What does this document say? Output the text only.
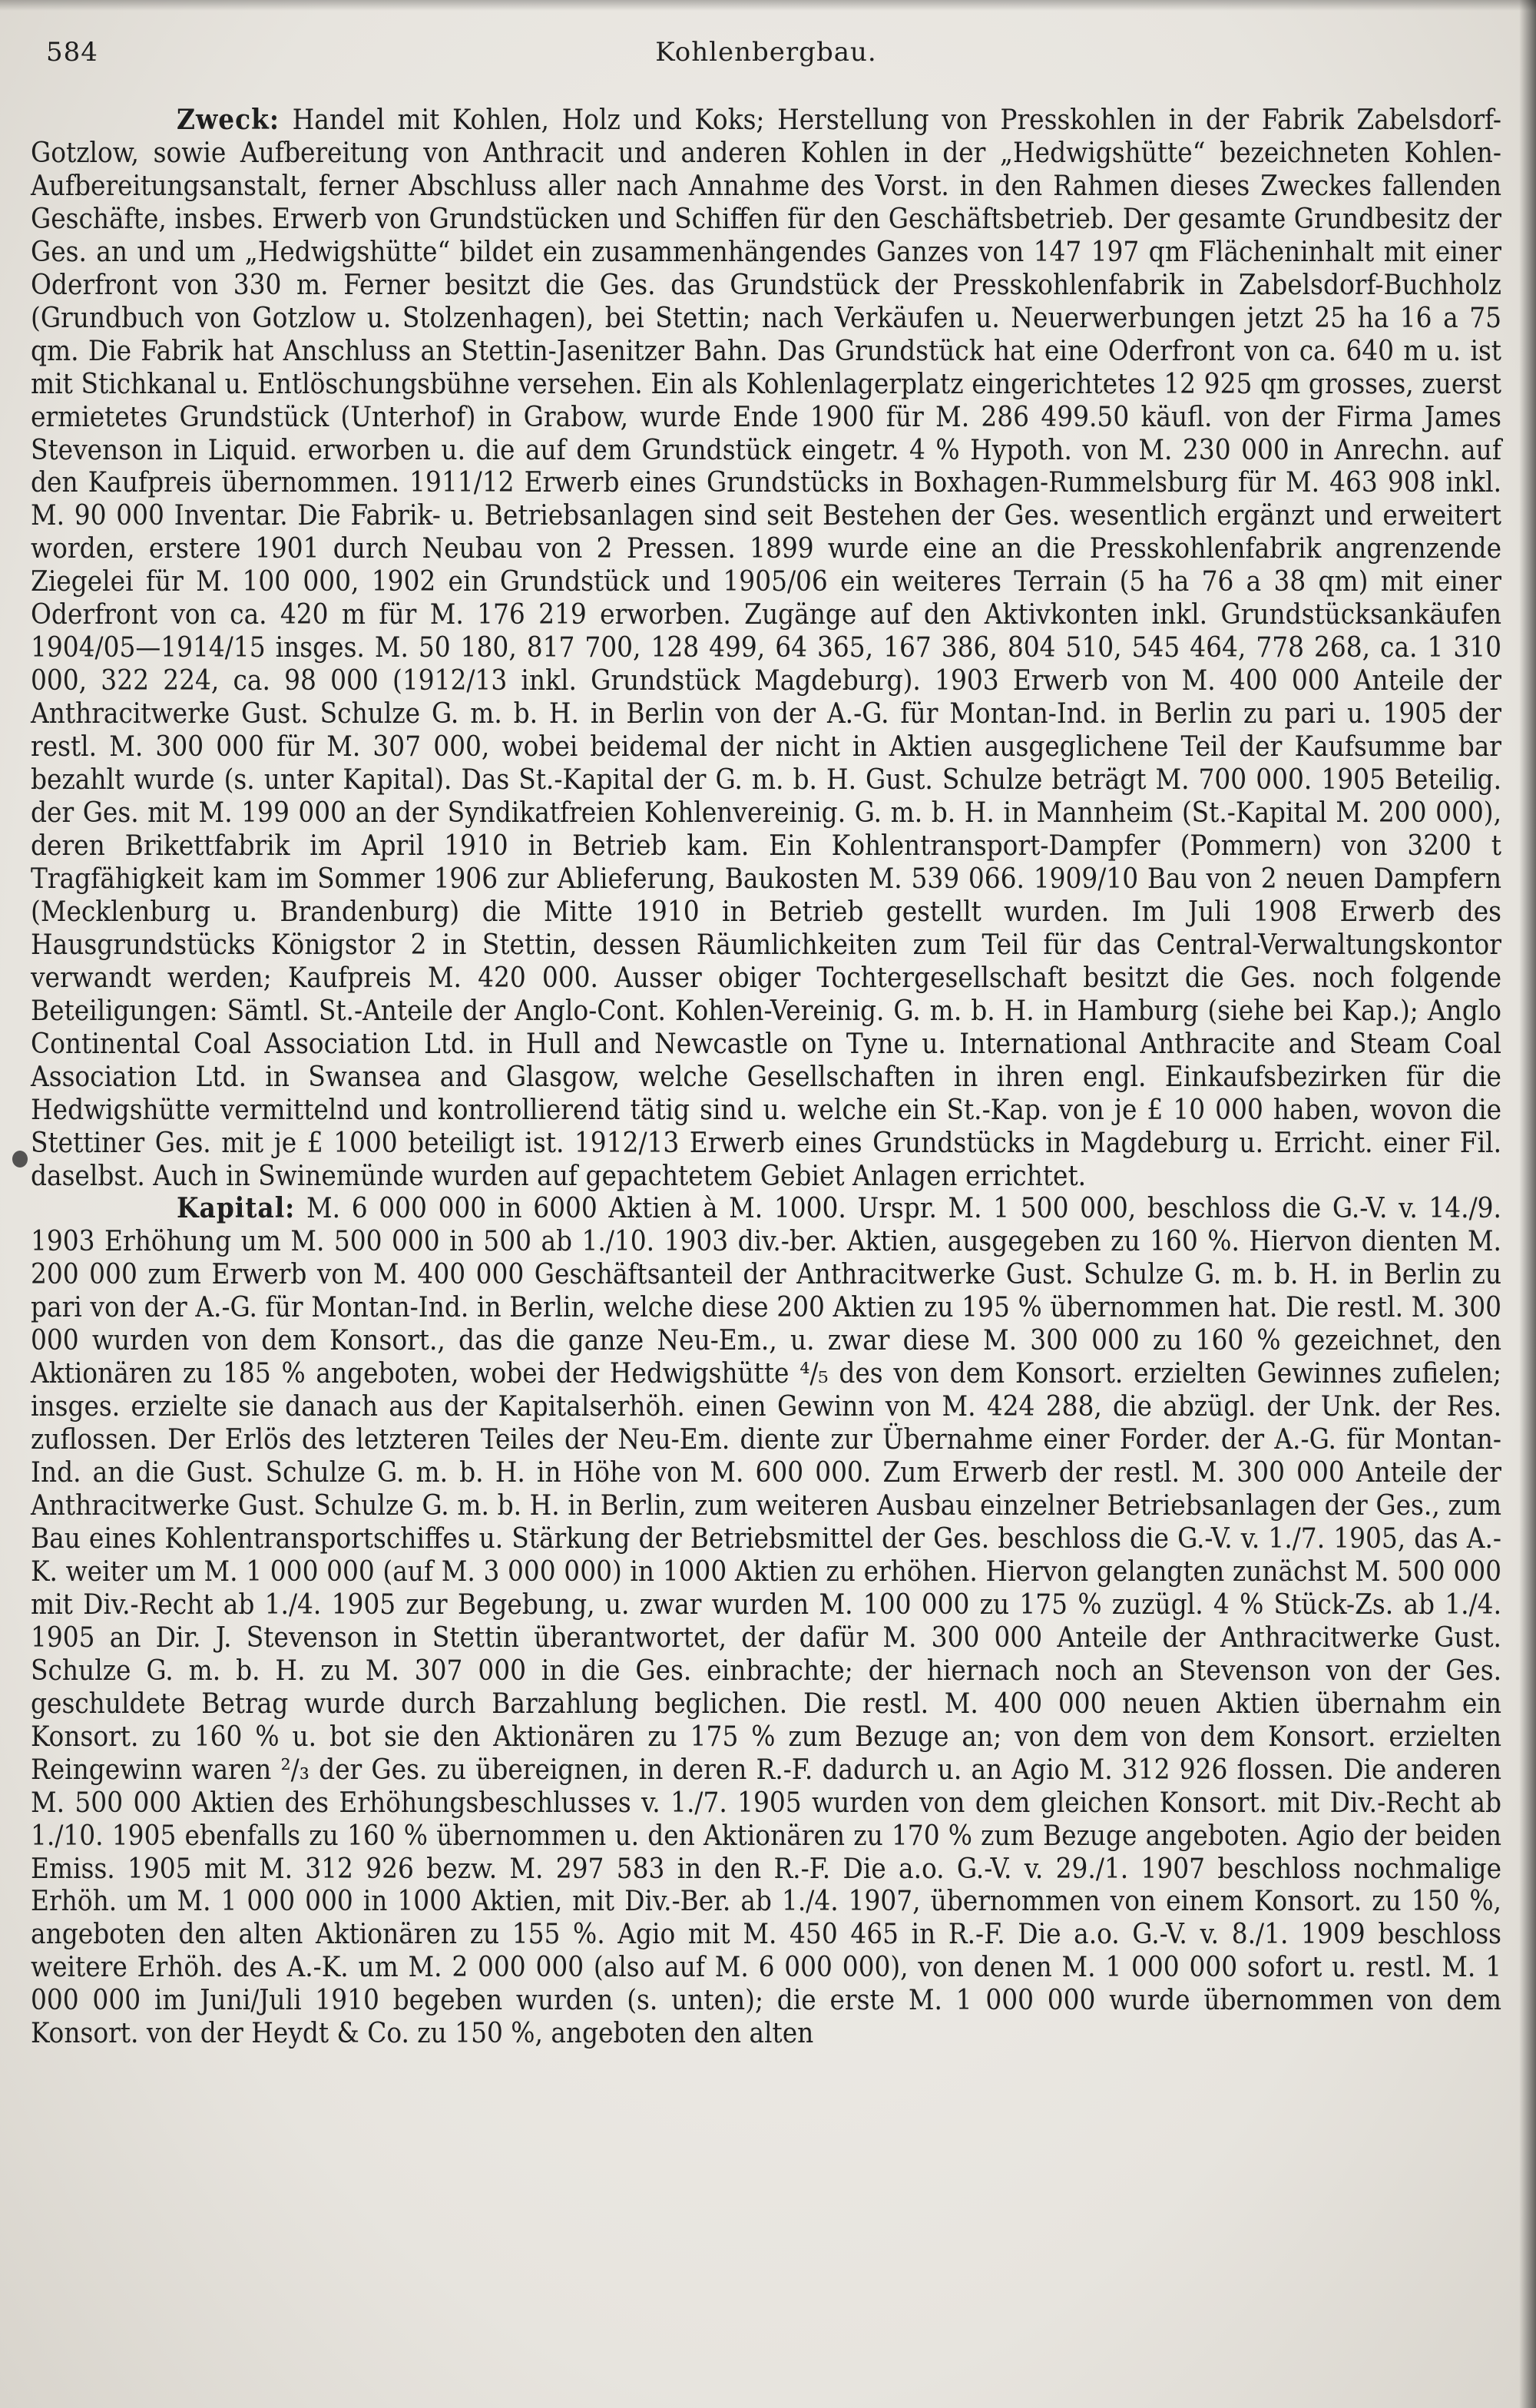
584	Kohlenbergbau.

Zweck: Handel mit Kohlen, Holz und Koks; Herstellung von Presskohlen in der Fabrik Zabelsdorf-Gotzlow, sowie Aufbereitung von Anthracit und anderen Kohlen in der „Hedwigshütte“ bezeichneten Kohlen-Aufbereitungsanstalt, ferner Abschluss aller nach Annahme des Vorst. in den Rahmen dieses Zweckes fallenden Geschäfte, insbes. Erwerb von Grundstücken und Schiffen für den Geschäftsbetrieb. Der gesamte Grundbesitz der Ges. an und um „Hedwigshütte“ bildet ein zusammenhängendes Ganzes von 147 197 qm Flächeninhalt mit einer Oderfront von 330 m. Ferner besitzt die Ges. das Grundstück der Presskohlenfabrik in Zabelsdorf-Buchholz (Grundbuch von Gotzlow u. Stolzenhagen), bei Stettin; nach Verkäufen u. Neuerwerbungen jetzt 25 ha 16 a 75 qm. Die Fabrik hat Anschluss an Stettin-Jasenitzer Bahn. Das Grundstück hat eine Oderfront von ca. 640 m u. ist mit Stichkanal u. Entlöschungsbühne versehen. Ein als Kohlenlagerplatz eingerichtetes 12 925 qm grosses, zuerst ermietetes Grundstück (Unterhof) in Grabow, wurde Ende 1900 für M. 286 499.50 käufl. von der Firma James Stevenson in Liquid. erworben u. die auf dem Grundstück eingetr. 4 % Hypoth. von M. 230 000 in Anrechn. auf den Kaufpreis übernommen. 1911/12 Erwerb eines Grundstücks in Boxhagen-Rummelsburg für M. 463 908 inkl. M. 90 000 Inventar. Die Fabrik- u. Betriebsanlagen sind seit Bestehen der Ges. wesentlich ergänzt und erweitert worden, erstere 1901 durch Neubau von 2 Pressen. 1899 wurde eine an die Presskohlenfabrik angrenzende Ziegelei für M. 100 000, 1902 ein Grundstück und 1905/06 ein weiteres Terrain (5 ha 76 a 38 qm) mit einer Oderfront von ca. 420 m für M. 176 219 erworben. Zugänge auf den Aktivkonten inkl. Grundstücksankäufen 1904/05—1914/15 insges. M. 50 180, 817 700, 128 499, 64 365, 167 386, 804 510, 545 464, 778 268, ca. 1 310 000, 322 224, ca. 98 000 (1912/13 inkl. Grundstück Magdeburg). 1903 Erwerb von M. 400 000 Anteile der Anthracitwerke Gust. Schulze G. m. b. H. in Berlin von der A.-G. für Montan-Ind. in Berlin zu pari u. 1905 der restl. M. 300 000 für M. 307 000, wobei beidemal der nicht in Aktien ausgeglichene Teil der Kaufsumme bar bezahlt wurde (s. unter Kapital). Das St.-Kapital der G. m. b. H. Gust. Schulze beträgt M. 700 000. 1905 Beteilig. der Ges. mit M. 199 000 an der Syndikatfreien Kohlenvereinig. G. m. b. H. in Mannheim (St.-Kapital M. 200 000), deren Brikettfabrik im April 1910 in Betrieb kam. Ein Kohlentransport-Dampfer (Pommern) von 3200 t Tragfähigkeit kam im Sommer 1906 zur Ablieferung, Baukosten M. 539 066. 1909/10 Bau von 2 neuen Dampfern (Mecklenburg u. Brandenburg) die Mitte 1910 in Betrieb gestellt wurden. Im Juli 1908 Erwerb des Hausgrundstücks Königstor 2 in Stettin, dessen Räumlichkeiten zum Teil für das Central-Verwaltungskontor verwandt werden; Kaufpreis M. 420 000. Ausser obiger Tochtergesellschaft besitzt die Ges. noch folgende Beteiligungen: Sämtl. St.-Anteile der Anglo-Cont. Kohlen-Vereinig. G. m. b. H. in Hamburg (siehe bei Kap.); Anglo Continental Coal Association Ltd. in Hull and Newcastle on Tyne u. International Anthracite and Steam Coal Association Ltd. in Swansea and Glasgow, welche Gesellschaften in ihren engl. Einkaufsbezirken für die Hedwigshütte vermittelnd und kontrollierend tätig sind u. welche ein St.-Kap. von je £ 10 000 haben, wovon die Stettiner Ges. mit je £ 1000 beteiligt ist. 1912/13 Erwerb eines Grundstücks in Magdeburg u. Erricht. einer Fil. daselbst. Auch in Swinemünde wurden auf gepachtetem Gebiet Anlagen errichtet.

Kapital: M. 6 000 000 in 6000 Aktien à M. 1000. Urspr. M. 1 500 000, beschloss die G.-V. v. 14./9. 1903 Erhöhung um M. 500 000 in 500 ab 1./10. 1903 div.-ber. Aktien, ausgegeben zu 160 %. Hiervon dienten M. 200 000 zum Erwerb von M. 400 000 Geschäftsanteil der Anthracitwerke Gust. Schulze G. m. b. H. in Berlin zu pari von der A.-G. für Montan-Ind. in Berlin, welche diese 200 Aktien zu 195 % übernommen hat. Die restl. M. 300 000 wurden von dem Konsort., das die ganze Neu-Em., u. zwar diese M. 300 000 zu 160 % gezeichnet, den Aktionären zu 185 % angeboten, wobei der Hedwigshütte ⁴/₅ des von dem Konsort. erzielten Gewinnes zufielen; insges. erzielte sie danach aus der Kapitalserhöh. einen Gewinn von M. 424 288, die abzügl. der Unk. der Res. zuflossen. Der Erlös des letzteren Teiles der Neu-Em. diente zur Übernahme einer Forder. der A.-G. für Montan-Ind. an die Gust. Schulze G. m. b. H. in Höhe von M. 600 000. Zum Erwerb der restl. M. 300 000 Anteile der Anthracitwerke Gust. Schulze G. m. b. H. in Berlin, zum weiteren Ausbau einzelner Betriebsanlagen der Ges., zum Bau eines Kohlentransportschiffes u. Stärkung der Betriebsmittel der Ges. beschloss die G.-V. v. 1./7. 1905, das A.-K. weiter um M. 1 000 000 (auf M. 3 000 000) in 1000 Aktien zu erhöhen. Hiervon gelangten zunächst M. 500 000 mit Div.-Recht ab 1./4. 1905 zur Begebung, u. zwar wurden M. 100 000 zu 175 % zuzügl. 4 % Stück-Zs. ab 1./4. 1905 an Dir. J. Stevenson in Stettin überantwortet, der dafür M. 300 000 Anteile der Anthracitwerke Gust. Schulze G. m. b. H. zu M. 307 000 in die Ges. einbrachte; der hiernach noch an Stevenson von der Ges. geschuldete Betrag wurde durch Barzahlung beglichen. Die restl. M. 400 000 neuen Aktien übernahm ein Konsort. zu 160 % u. bot sie den Aktionären zu 175 % zum Bezuge an; von dem von dem Konsort. erzielten Reingewinn waren ²/₃ der Ges. zu übereignen, in deren R.-F. dadurch u. an Agio M. 312 926 flossen. Die anderen M. 500 000 Aktien des Erhöhungsbeschlusses v. 1./7. 1905 wurden von dem gleichen Konsort. mit Div.-Recht ab 1./10. 1905 ebenfalls zu 160 % übernommen u. den Aktionären zu 170 % zum Bezuge angeboten. Agio der beiden Emiss. 1905 mit M. 312 926 bezw. M. 297 583 in den R.-F. Die a.o. G.-V. v. 29./1. 1907 beschloss nochmalige Erhöh. um M. 1 000 000 in 1000 Aktien, mit Div.-Ber. ab 1./4. 1907, übernommen von einem Konsort. zu 150 %, angeboten den alten Aktionären zu 155 %. Agio mit M. 450 465 in R.-F. Die a.o. G.-V. v. 8./1. 1909 beschloss weitere Erhöh. des A.-K. um M. 2 000 000 (also auf M. 6 000 000), von denen M. 1 000 000 sofort u. restl. M. 1 000 000 im Juni/Juli 1910 begeben wurden (s. unten); die erste M. 1 000 000 wurde übernommen von dem Konsort. von der Heydt & Co. zu 150 %, angeboten den alten
